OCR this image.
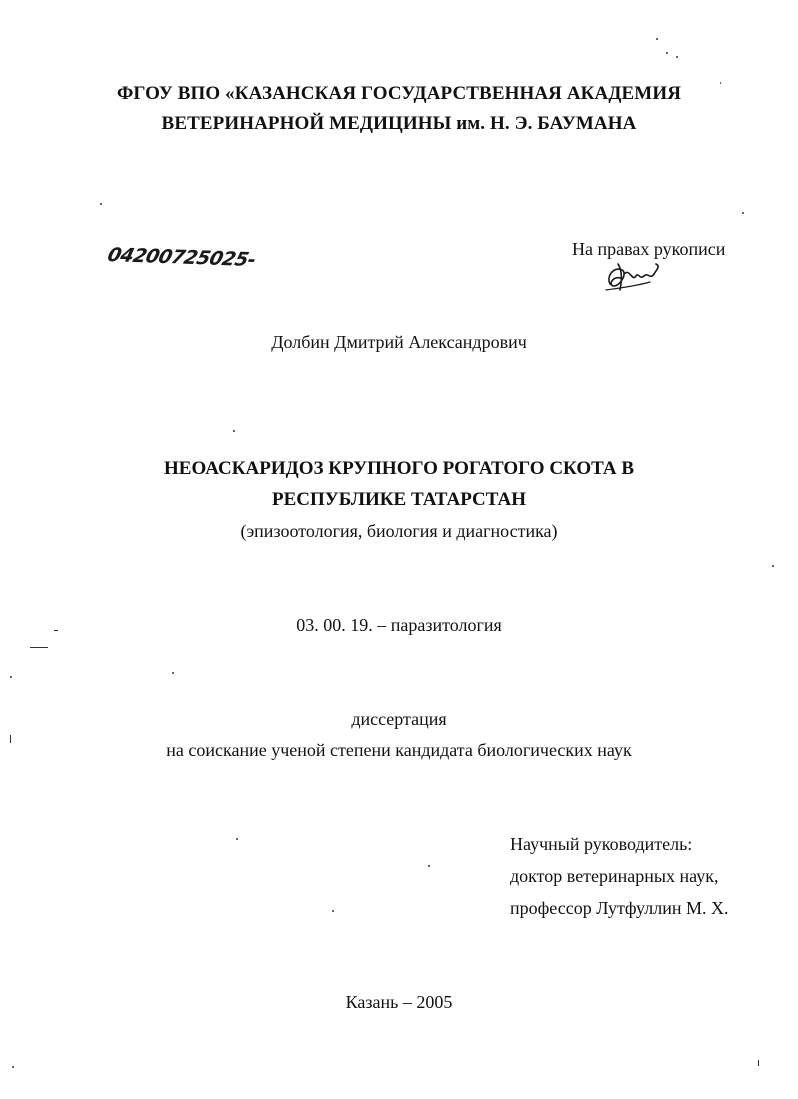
ФГОУ ВПО «КАЗАНСКАЯ ГОСУДАРСТВЕННАЯ АКАДЕМИЯ
ВЕТЕРИНАРНОЙ МЕДИЦИНЫ им. Н. Э. БАУМАНА
04200725025-	На правах рукописи
Долбин Дмитрий Александрович
НЕОАСКАРИДОЗ КРУПНОГО РОГАТОГО СКОТА В
РЕСПУБЛИКЕ ТАТАРСТАН
(эпизоотология, биология и диагностика)
03. 00. 19. – паразитология
диссертация
на соискание ученой степени кандидата биологических наук
Научный руководитель:
доктор ветеринарных наук,
профессор Лутфуллин М. Х.
Казань – 2005
